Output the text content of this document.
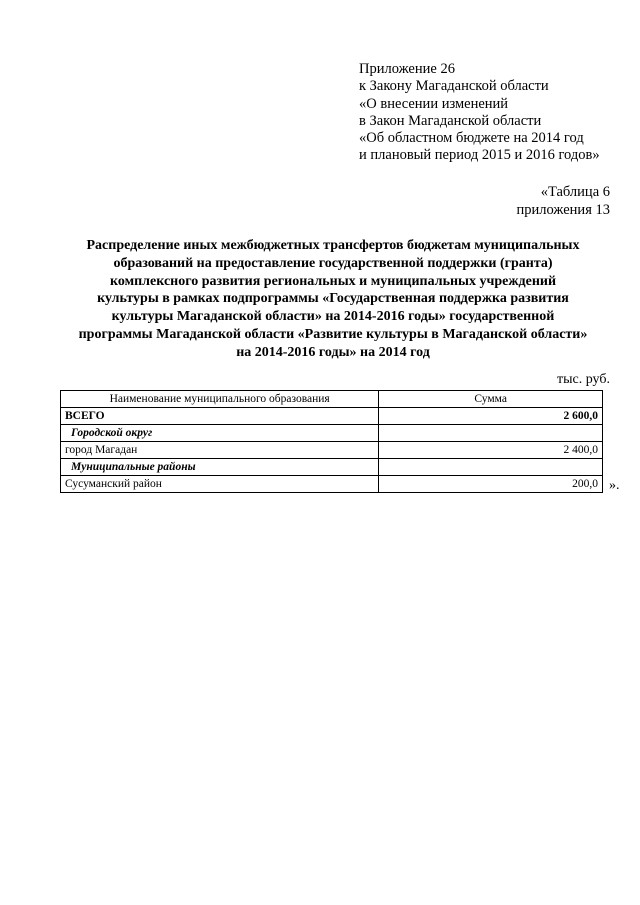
Приложение 26
к Закону Магаданской области
«О внесении изменений
в Закон Магаданской области
«Об областном бюджете на 2014 год
и плановый период 2015 и 2016 годов»
«Таблица 6
приложения 13
Распределение иных межбюджетных трансфертов бюджетам муниципальных
образований на предоставление государственной поддержки (гранта)
комплексного развития региональных и муниципальных учреждений
культуры в рамках подпрограммы «Государственная поддержка развития
культуры Магаданской области» на 2014-2016 годы» государственной
программы Магаданской области «Развитие культуры в Магаданской области»
на 2014-2016 годы» на 2014 год
тыс. руб.
Наименование муниципального образования	Сумма
ВСЕГО	2 600,0
Городской округ	
город Магадан	2 400,0
Муниципальные районы	
Сусуманский район	200,0 ».
